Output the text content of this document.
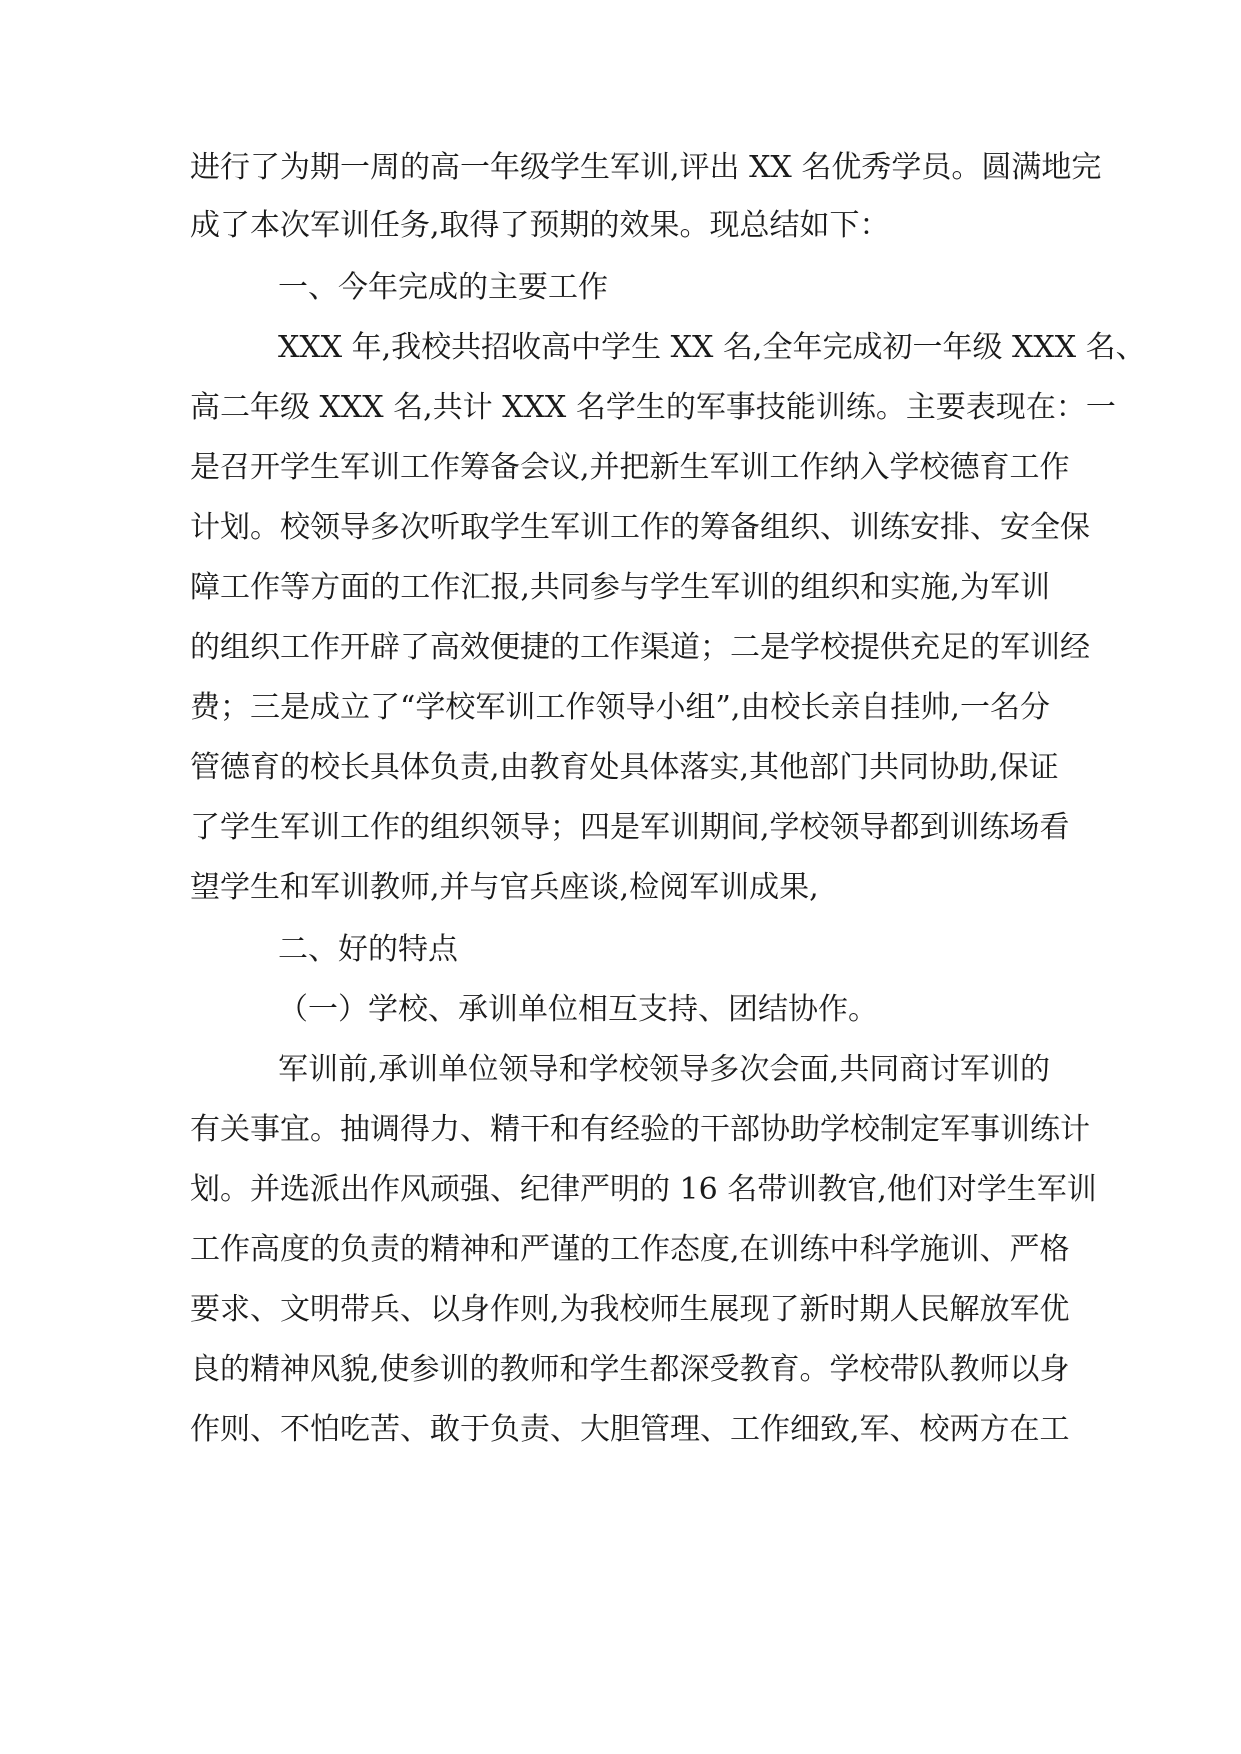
进行了为期一周的高一年级学生军训,评出 XX 名优秀学员。圆满地完
成了本次军训任务,取得了预期的效果。现总结如下：
一、今年完成的主要工作
XXX 年,我校共招收高中学生 XX 名,全年完成初一年级 XXX 名、
高二年级 XXX 名,共计 XXX 名学生的军事技能训练。主要表现在：一
是召开学生军训工作筹备会议,并把新生军训工作纳入学校德育工作
计划。校领导多次听取学生军训工作的筹备组织、训练安排、安全保
障工作等方面的工作汇报,共同参与学生军训的组织和实施,为军训
的组织工作开辟了高效便捷的工作渠道；二是学校提供充足的军训经
费；三是成立了“学校军训工作领导小组”,由校长亲自挂帅,一名分
管德育的校长具体负责,由教育处具体落实,其他部门共同协助,保证
了学生军训工作的组织领导；四是军训期间,学校领导都到训练场看
望学生和军训教师,并与官兵座谈,检阅军训成果,
二、好的特点
（一）学校、承训单位相互支持、团结协作。
军训前,承训单位领导和学校领导多次会面,共同商讨军训的
有关事宜。抽调得力、精干和有经验的干部协助学校制定军事训练计
划。并选派出作风顽强、纪律严明的 16 名带训教官,他们对学生军训
工作高度的负责的精神和严谨的工作态度,在训练中科学施训、严格
要求、文明带兵、以身作则,为我校师生展现了新时期人民解放军优
良的精神风貌,使参训的教师和学生都深受教育。学校带队教师以身
作则、不怕吃苦、敢于负责、大胆管理、工作细致,军、校两方在工
